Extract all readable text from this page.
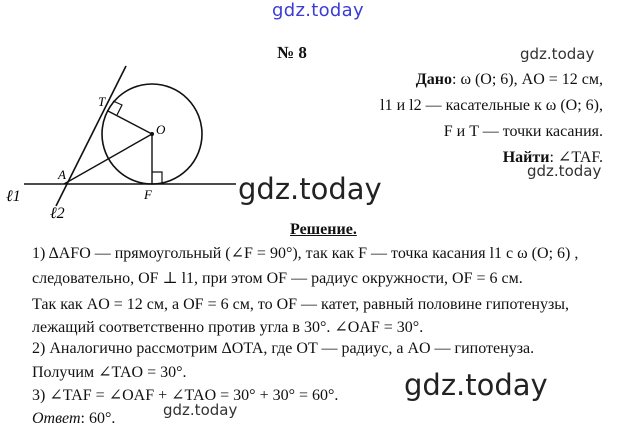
gdz.today
gdz.today
gdz.today
gdz.today
gdz.today
gdz.today
№ 8
Дано: ω (O; 6), AO = 12 см,
l1 и l2 — касательные к ω (O; 6),
F и T — точки касания.
Найти: ∠TAF.
T
O
A
F
ℓ1
ℓ2
Решение.
1) ΔAFO — прямоугольный (∠F = 90°), так как F — точка касания l1 с ω (O; 6) ,
следовательно, OF ⊥ l1, при этом OF — радиус окружности, OF = 6 см.
Так как AO = 12 см, а OF = 6 см, то OF — катет, равный половине гипотенузы,
лежащий соответственно против угла в 30°. ∠OAF = 30°.
2) Аналогично рассмотрим ΔOTA, где OT — радиус, а AO — гипотенуза.
Получим ∠TAO = 30°.
3) ∠TAF = ∠OAF + ∠TAO = 30° + 30° = 60°.
Ответ: 60°.
